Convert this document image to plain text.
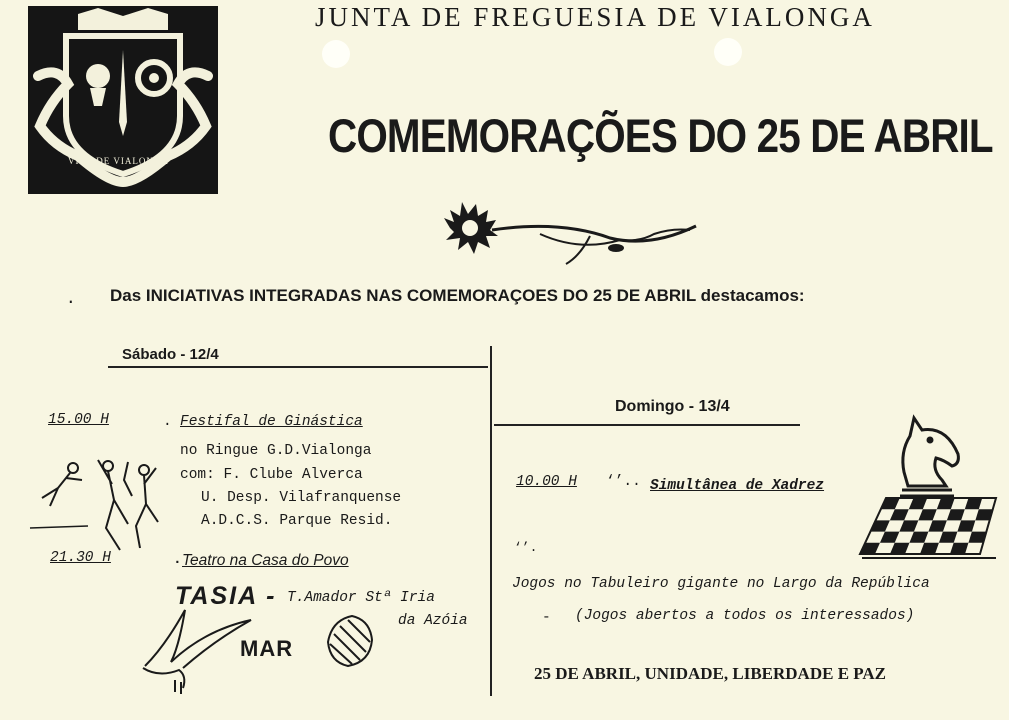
VILA DE VIALONGA
JUNTA DE FREGUESIA DE VIALONGA
COMEMORAÇÕES DO 25 DE ABRIL
. Das INICIATIVAS INTEGRADAS NAS COMEMORAÇOES DO 25 DE ABRIL destacamos:
Sábado - 12/4
Domingo - 13/4
15.00 H	. Festifal de Ginástica
no Ringue G.D.Vialonga
com: F. Clube Alverca
U. Desp. Vilafranquense
A.D.C.S. Parque Resid.
21.30 H	. Teatro na Casa do Povo
TASIA - T.Amador Stª Iria
da Azóia
MAR
10.00 H ‘’.. Simultânea de Xadrez
‘’.
Jogos no Tabuleiro gigante no Largo da República
- (Jogos abertos a todos os interessados)
25 DE ABRIL, UNIDADE, LIBERDADE E PAZ
